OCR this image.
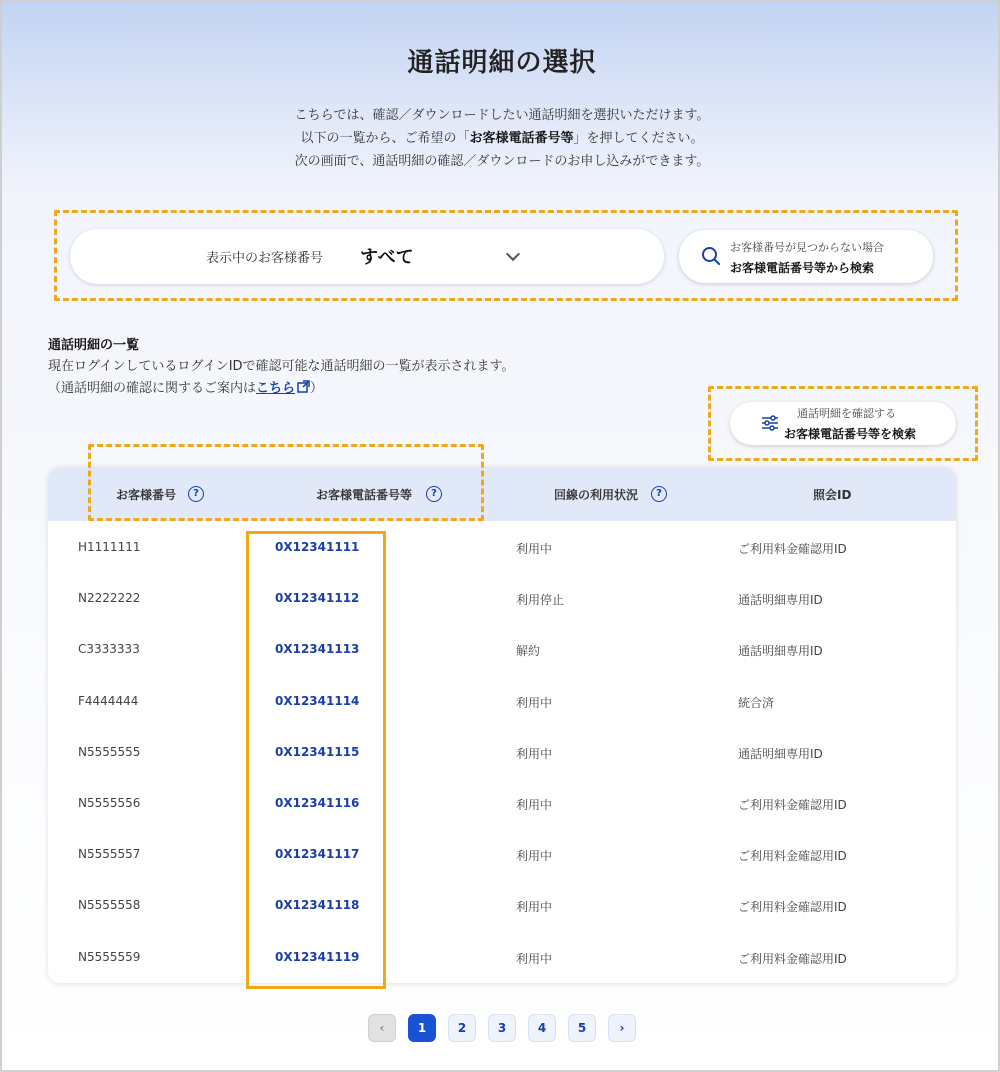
通話明細の選択
こちらでは、確認／ダウンロードしたい通話明細を選択いただけます。
以下の一覧から、ご希望の「お客様電話番号等」を押してください。
次の画面で、通話明細の確認／ダウンロードのお申し込みができます。
表示中のお客様番号 すべて	お客様番号が見つからない場合
お客様電話番号等から検索
通話明細の一覧
現在ログインしているログインIDで確認可能な通話明細の一覧が表示されます。
（通話明細の確認に関するご案内はこちら ）
通話明細を確認する
お客様電話番号等を検索
お客様番号	?	お客様電話番号等	?	回線の利用状況	?	照会ID
H1111111	0X12341111	利用中	ご利用料金確認用ID
N2222222	0X12341112	利用停止	通話明細専用ID
C3333333	0X12341113	解約	通話明細専用ID
F4444444	0X12341114	利用中	統合済
N5555555	0X12341115	利用中	通話明細専用ID
N5555556	0X12341116	利用中	ご利用料金確認用ID
N5555557	0X12341117	利用中	ご利用料金確認用ID
N5555558	0X12341118	利用中	ご利用料金確認用ID
N5555559	0X12341119	利用中	ご利用料金確認用ID
‹	1	2	3	4	5	›
